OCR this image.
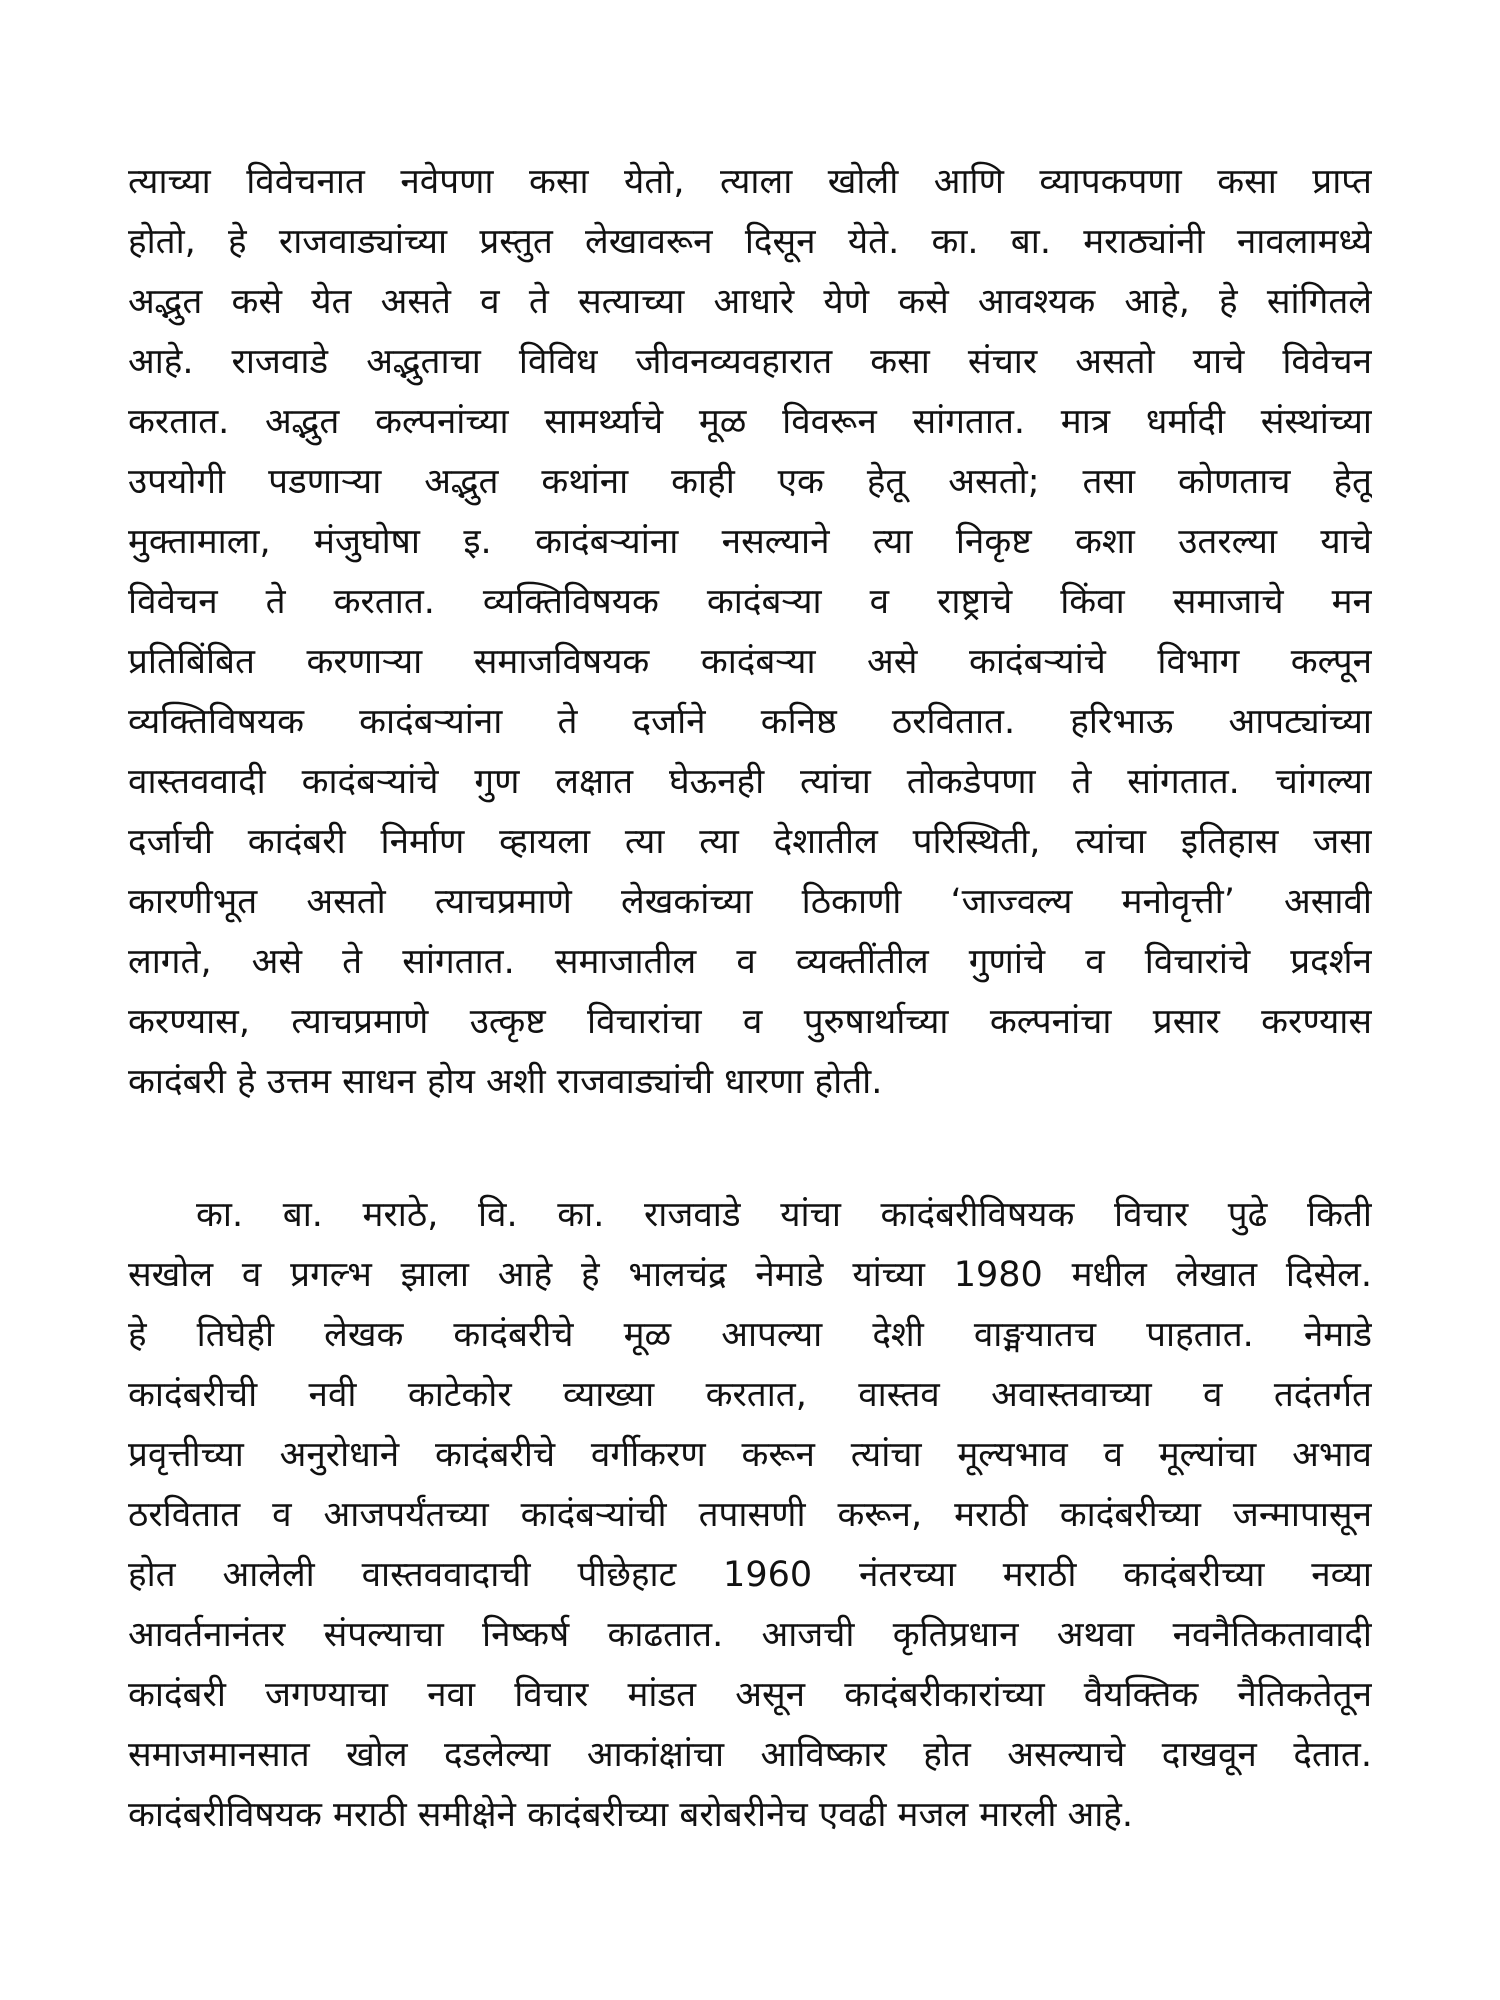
त्याच्या विवेचनात नवेपणा कसा येतो, त्याला खोली आणि व्यापकपणा कसा प्राप्त
होतो, हे राजवाड्यांच्या प्रस्तुत लेखावरून दिसून येते. का. बा. मराठ्यांनी नावलामध्ये
अद्भुत कसे येत असते व ते सत्याच्या आधारे येणे कसे आवश्यक आहे, हे सांगितले
आहे. राजवाडे अद्भुताचा विविध जीवनव्यवहारात कसा संचार असतो याचे विवेचन
करतात. अद्भुत कल्पनांच्या सामर्थ्याचे मूळ विवरून सांगतात. मात्र धर्मादी संस्थांच्या
उपयोगी पडणाऱ्या अद्भुत कथांना काही एक हेतू असतो; तसा कोणताच हेतू
मुक्तामाला, मंजुघोषा इ. कादंबऱ्यांना नसल्याने त्या निकृष्ट कशा उतरल्या याचे
विवेचन ते करतात. व्यक्तिविषयक कादंबऱ्या व राष्ट्राचे किंवा समाजाचे मन
प्रतिबिंबित करणाऱ्या समाजविषयक कादंबऱ्या असे कादंबऱ्यांचे विभाग कल्पून
व्यक्तिविषयक कादंबऱ्यांना ते दर्जाने कनिष्ठ ठरवितात. हरिभाऊ आपट्यांच्या
वास्तववादी कादंबऱ्यांचे गुण लक्षात घेऊनही त्यांचा तोकडेपणा ते सांगतात. चांगल्या
दर्जाची कादंबरी निर्माण व्हायला त्या त्या देशातील परिस्थिती, त्यांचा इतिहास जसा
कारणीभूत असतो त्याचप्रमाणे लेखकांच्या ठिकाणी ‘जाज्वल्य मनोवृत्ती’ असावी
लागते, असे ते सांगतात. समाजातील व व्यक्तींतील गुणांचे व विचारांचे प्रदर्शन
करण्यास, त्याचप्रमाणे उत्कृष्ट विचारांचा व पुरुषार्थाच्या कल्पनांचा प्रसार करण्यास
कादंबरी हे उत्तम साधन होय अशी राजवाड्यांची धारणा होती.
का. बा. मराठे, वि. का. राजवाडे यांचा कादंबरीविषयक विचार पुढे किती
सखोल व प्रगल्भ झाला आहे हे भालचंद्र नेमाडे यांच्या 1980 मधील लेखात दिसेल.
हे तिघेही लेखक कादंबरीचे मूळ आपल्या देशी वाङ्मयातच पाहतात. नेमाडे
कादंबरीची नवी काटेकोर व्याख्या करतात, वास्तव अवास्तवाच्या व तदंतर्गत
प्रवृत्तीच्या अनुरोधाने कादंबरीचे वर्गीकरण करून त्यांचा मूल्यभाव व मूल्यांचा अभाव
ठरवितात व आजपर्यंतच्या कादंबऱ्यांची तपासणी करून, मराठी कादंबरीच्या जन्मापासून
होत आलेली वास्तववादाची पीछेहाट 1960 नंतरच्या मराठी कादंबरीच्या नव्या
आवर्तनानंतर संपल्याचा निष्कर्ष काढतात. आजची कृतिप्रधान अथवा नवनैतिकतावादी
कादंबरी जगण्याचा नवा विचार मांडत असून कादंबरीकारांच्या वैयक्तिक नैतिकतेतून
समाजमानसात खोल दडलेल्या आकांक्षांचा आविष्कार होत असल्याचे दाखवून देतात.
कादंबरीविषयक मराठी समीक्षेने कादंबरीच्या बरोबरीनेच एवढी मजल मारली आहे.
